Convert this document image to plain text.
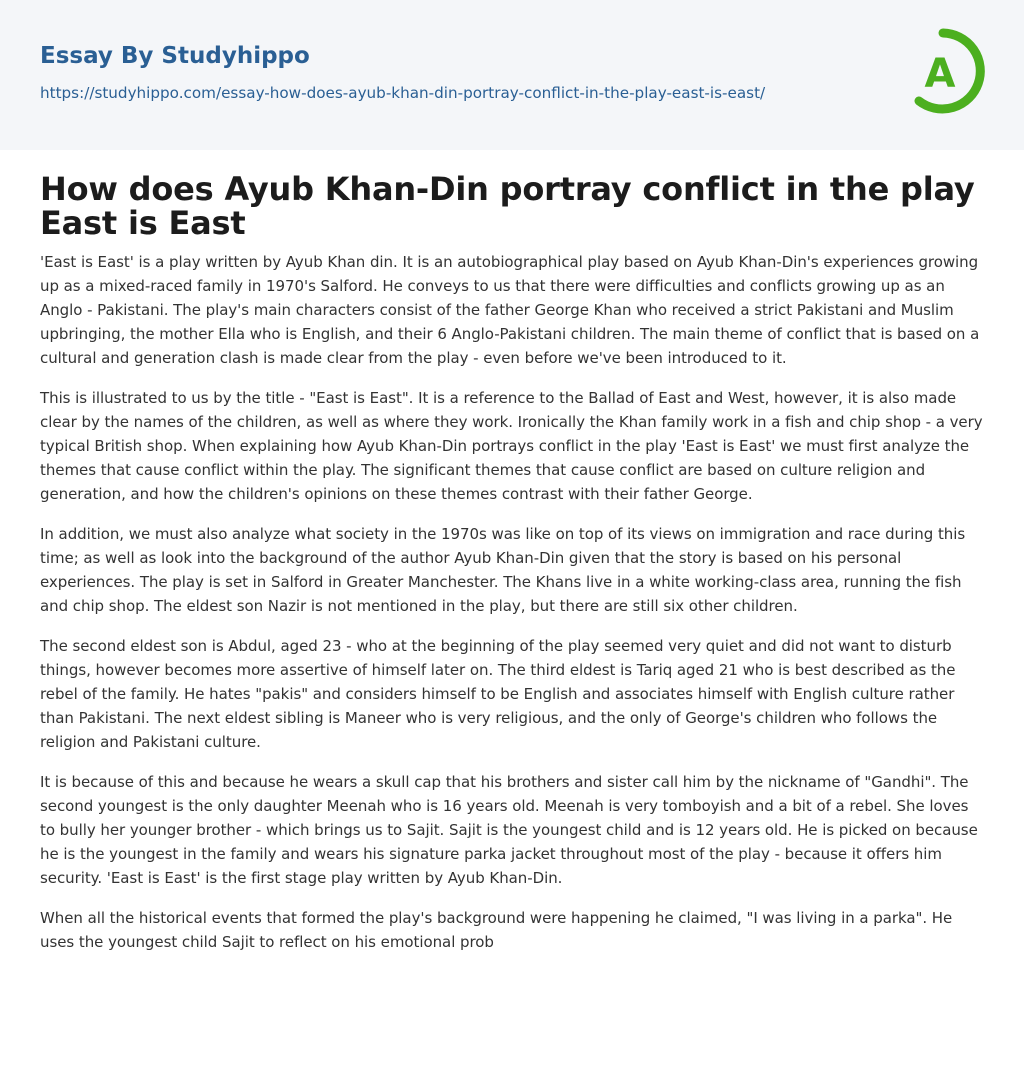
Essay By Studyhippo
https://studyhippo.com/essay-how-does-ayub-khan-din-portray-conflict-in-the-play-east-is-east/	A
How does Ayub Khan-Din portray conflict in the play East is East

'East is East' is a play written by Ayub Khan din. It is an autobiographical play based on Ayub Khan-Din's experiences growing up as a mixed-raced family in 1970's Salford. He conveys to us that there were difficulties and conflicts growing up as an Anglo - Pakistani. The play's main characters consist of the father George Khan who received a strict Pakistani and Muslim upbringing, the mother Ella who is English, and their 6 Anglo-Pakistani children. The main theme of conflict that is based on a cultural and generation clash is made clear from the play - even before we've been introduced to it.

This is illustrated to us by the title - "East is East". It is a reference to the Ballad of East and West, however, it is also made clear by the names of the children, as well as where they work. Ironically the Khan family work in a fish and chip shop - a very typical British shop. When explaining how Ayub Khan-Din portrays conflict in the play 'East is East' we must first analyze the themes that cause conflict within the play. The significant themes that cause conflict are based on culture religion and generation, and how the children's opinions on these themes contrast with their father George.

In addition, we must also analyze what society in the 1970s was like on top of its views on immigration and race during this time; as well as look into the background of the author Ayub Khan-Din given that the story is based on his personal experiences. The play is set in Salford in Greater Manchester. The Khans live in a white working-class area, running the fish and chip shop. The eldest son Nazir is not mentioned in the play, but there are still six other children.

The second eldest son is Abdul, aged 23 - who at the beginning of the play seemed very quiet and did not want to disturb things, however becomes more assertive of himself later on. The third eldest is Tariq aged 21 who is best described as the rebel of the family. He hates "pakis" and considers himself to be English and associates himself with English culture rather than Pakistani. The next eldest sibling is Maneer who is very religious, and the only of George's children who follows the religion and Pakistani culture.

It is because of this and because he wears a skull cap that his brothers and sister call him by the nickname of "Gandhi". The second youngest is the only daughter Meenah who is 16 years old. Meenah is very tomboyish and a bit of a rebel. She loves to bully her younger brother - which brings us to Sajit. Sajit is the youngest child and is 12 years old. He is picked on because he is the youngest in the family and wears his signature parka jacket throughout most of the play - because it offers him security. 'East is East' is the first stage play written by Ayub Khan-Din.

When all the historical events that formed the play's background were happening he claimed, "I was living in a parka". He uses the youngest child Sajit to reflect on his emotional prob
